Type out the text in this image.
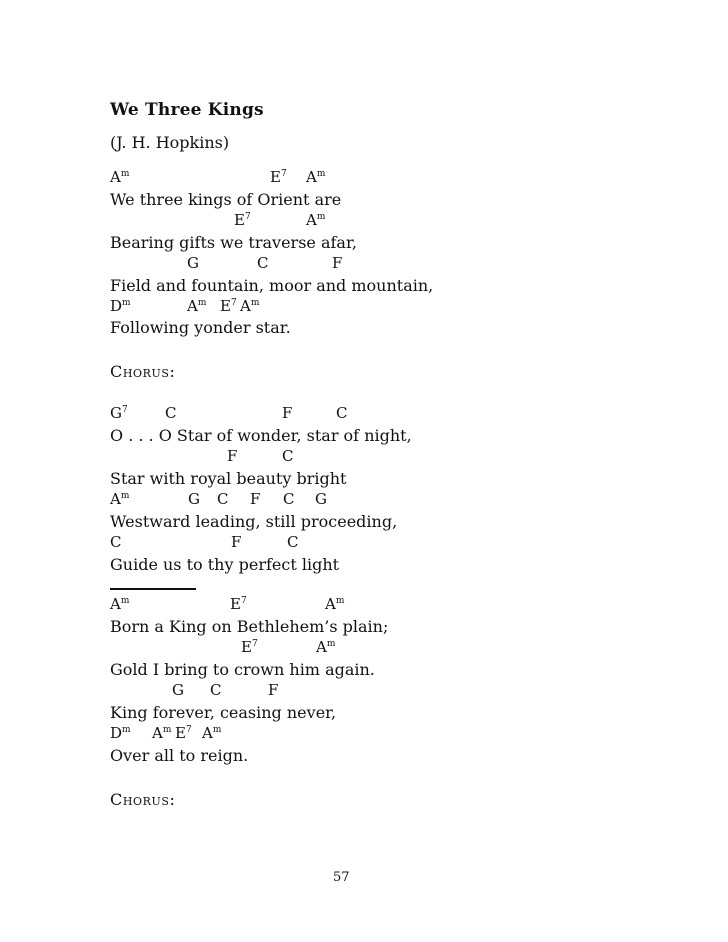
We Three Kings
(J. H. Hopkins)
$A^m$	$E^7$ $A^m$
We three kings of Orient are
$E^7$	$A^m$
Bearing gifts we traverse afar,
G	C	F
Field and fountain, moor and mountain,
$D^m$	$A^m$ $E^7$ $A^m$
Following yonder star.
Chorus:
$G^7$ C	F	C
O . . . O Star of wonder, star of night,
F	C
Star with royal beauty bright
$A^m$	G C F C G
Westward leading, still proceeding,
C	F	C
Guide us to thy perfect light
$A^m$	$E^7$	$A^m$
Born a King on Bethlehem’s plain;
$E^7$	$A^m$
Gold I bring to crown him again.
G C	F
King forever, ceasing never,
$D^m$ $A^m$ $E^7$ $A^m$
Over all to reign.
Chorus:
57
